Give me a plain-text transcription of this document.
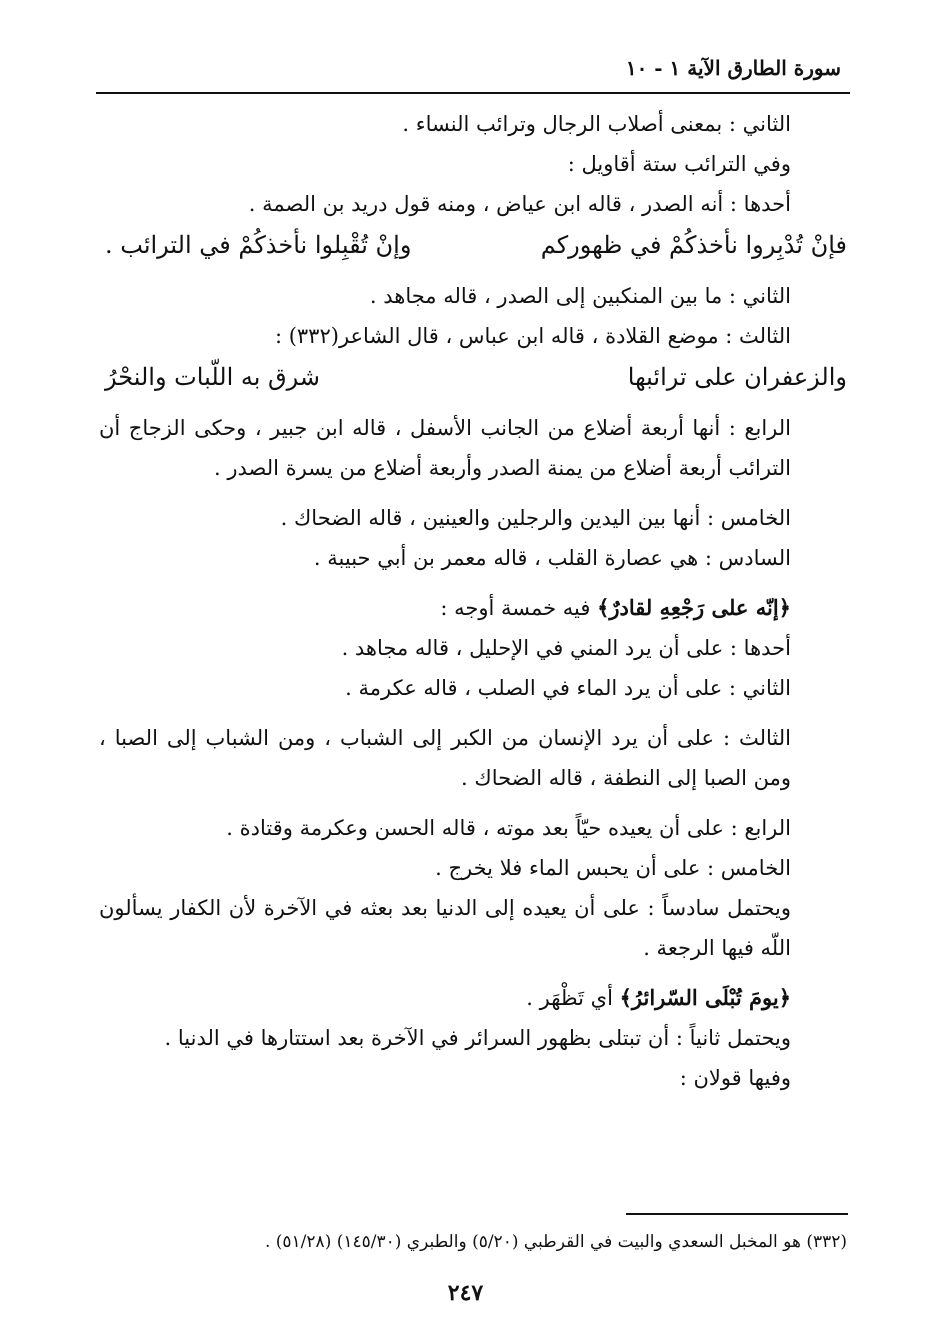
سورة الطارق الآية ۱ - ۱۰
الثاني : بمعنى أصلاب الرجال وترائب النساء .
وفي الترائب ستة أقاويل :
أحدها : أنه الصدر ، قاله ابن عياض ، ومنه قول دريد بن الصمة .
فإنْ تُدْبِروا نأخذكُمْ في ظهوركم
وإنْ تُقْبِلوا نأخذكُمْ في الترائب .
الثاني : ما بين المنكبين إلى الصدر ، قاله مجاهد .
الثالث : موضع القلادة ، قاله ابن عباس ، قال الشاعر(٣٣٢) :
والزعفران على ترائبها
شرق به اللّبات والنحْرُ
الرابع : أنها أربعة أضلاع من الجانب الأسفل ، قاله ابن جبير ، وحكى الزجاج أن الترائب أربعة أضلاع من يمنة الصدر وأربعة أضلاع من يسرة الصدر .
الخامس : أنها بين اليدين والرجلين والعينين ، قاله الضحاك .
السادس : هي عصارة القلب ، قاله معمر بن أبي حبيبة .
﴿إنّه على رَجْعِهِ لقادرٌ﴾ فيه خمسة أوجه :
أحدها : على أن يرد المني في الإحليل ، قاله مجاهد .
الثاني : على أن يرد الماء في الصلب ، قاله عكرمة .
الثالث : على أن يرد الإنسان من الكبر إلى الشباب ، ومن الشباب إلى الصبا ، ومن الصبا إلى النطفة ، قاله الضحاك .
الرابع : على أن يعيده حيّاً بعد موته ، قاله الحسن وعكرمة وقتادة .
الخامس : على أن يحبس الماء فلا يخرج .
ويحتمل سادساً : على أن يعيده إلى الدنيا بعد بعثه في الآخرة لأن الكفار يسألون اللّه فيها الرجعة .
﴿يومَ تُبْلَى السّرائرُ﴾ أي تَظْهَر .
ويحتمل ثانياً : أن تبتلى بظهور السرائر في الآخرة بعد استتارها في الدنيا .
وفيها قولان :
(٣٣٢) هو المخبل السعدي والبيت في القرطبي (٥/٢٠) والطبري (١٤٥/٣٠) (٥١/٢٨) .
٢٤٧
